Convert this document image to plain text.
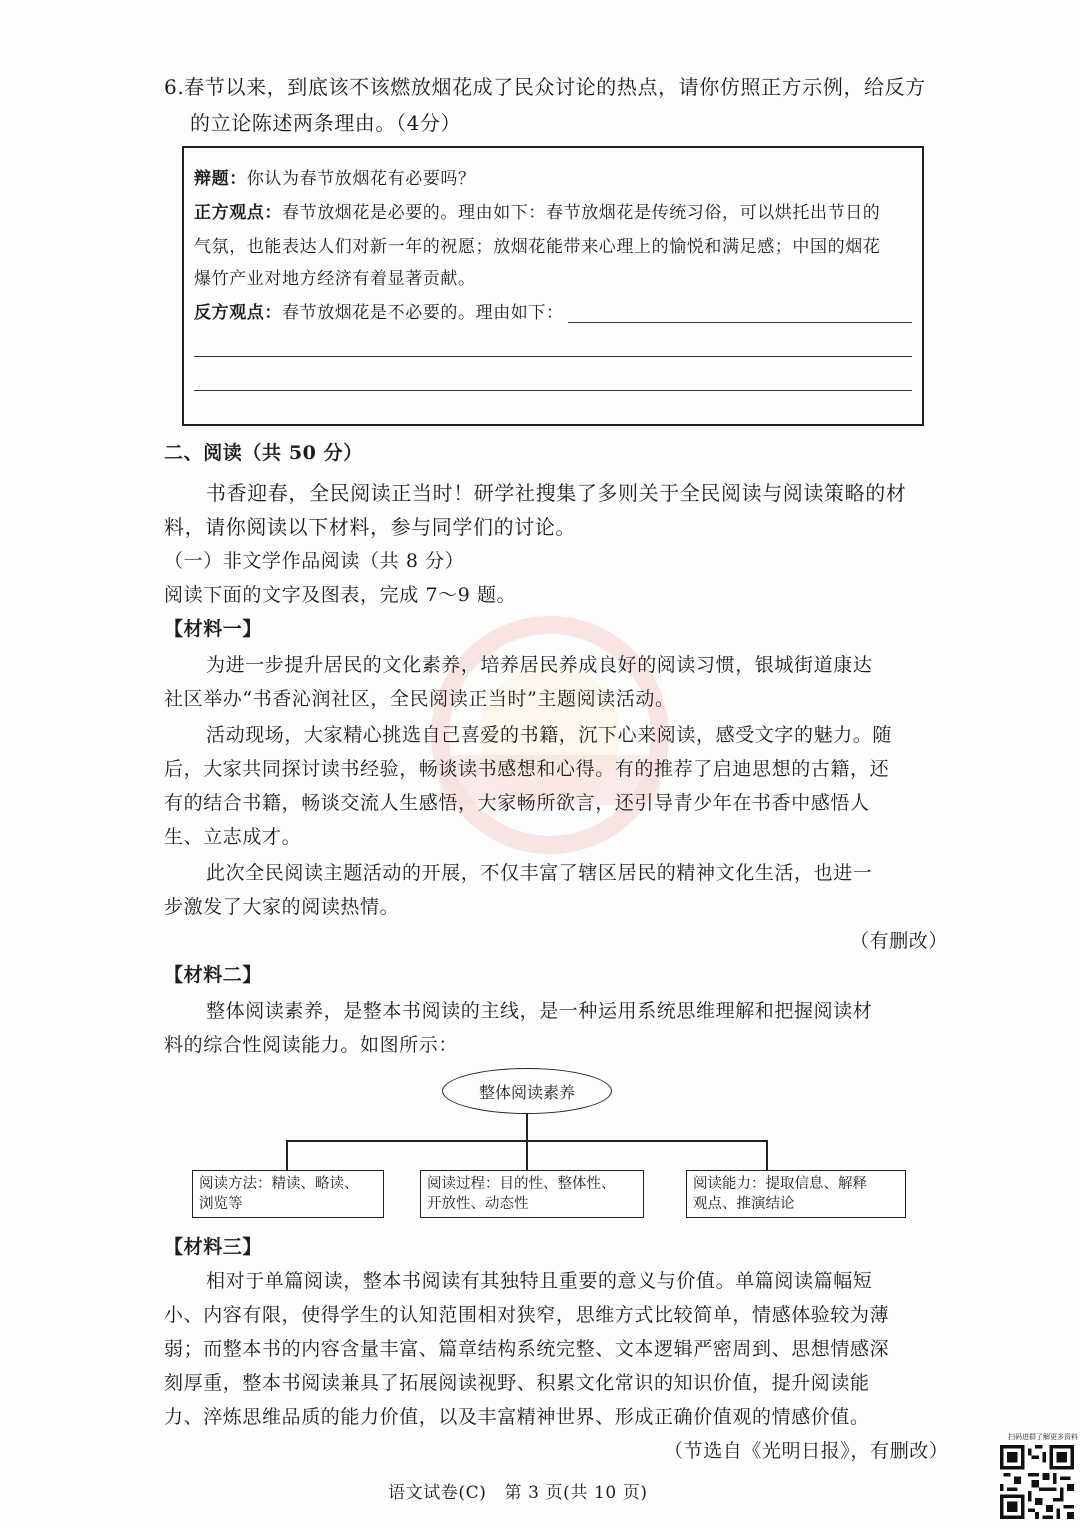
6.春节以来，到底该不该燃放烟花成了民众讨论的热点，请你仿照正方示例，给反方
的立论陈述两条理由。（4分）
辩题：你认为春节放烟花有必要吗？
正方观点：春节放烟花是必要的。理由如下：春节放烟花是传统习俗，可以烘托出节日的
气氛，也能表达人们对新一年的祝愿；放烟花能带来心理上的愉悦和满足感；中国的烟花
爆竹产业对地方经济有着显著贡献。
反方观点：春节放烟花是不必要的。理由如下：
二、阅读（共 50 分）
书香迎春，全民阅读正当时！研学社搜集了多则关于全民阅读与阅读策略的材
料，请你阅读以下材料，参与同学们的讨论。
（一）非文学作品阅读（共 8 分）
阅读下面的文字及图表，完成 7～9 题。
【材料一】
为进一步提升居民的文化素养，培养居民养成良好的阅读习惯，银城街道康达
社区举办“书香沁润社区，全民阅读正当时”主题阅读活动。
活动现场，大家精心挑选自己喜爱的书籍，沉下心来阅读，感受文字的魅力。随
后，大家共同探讨读书经验，畅谈读书感想和心得。有的推荐了启迪思想的古籍，还
有的结合书籍，畅谈交流人生感悟，大家畅所欲言，还引导青少年在书香中感悟人
生、立志成才。
此次全民阅读主题活动的开展，不仅丰富了辖区居民的精神文化生活，也进一
步激发了大家的阅读热情。
（有删改）
【材料二】
整体阅读素养，是整本书阅读的主线，是一种运用系统思维理解和把握阅读材
料的综合性阅读能力。如图所示：
整体阅读素养
阅读方法：精读、略读、
浏览等
阅读过程：目的性、整体性、
开放性、动态性
阅读能力：提取信息、解释
观点、推演结论
【材料三】
相对于单篇阅读，整本书阅读有其独特且重要的意义与价值。单篇阅读篇幅短
小、内容有限，使得学生的认知范围相对狭窄，思维方式比较简单，情感体验较为薄
弱；而整本书的内容含量丰富、篇章结构系统完整、文本逻辑严密周到、思想情感深
刻厚重，整本书阅读兼具了拓展阅读视野、积累文化常识的知识价值，提升阅读能
力、淬炼思维品质的能力价值，以及丰富精神世界、形成正确价值观的情感价值。
（节选自《光明日报》，有删改）
语文试卷(C)   第 3 页(共 10 页)
扫码进群了解更多资料
